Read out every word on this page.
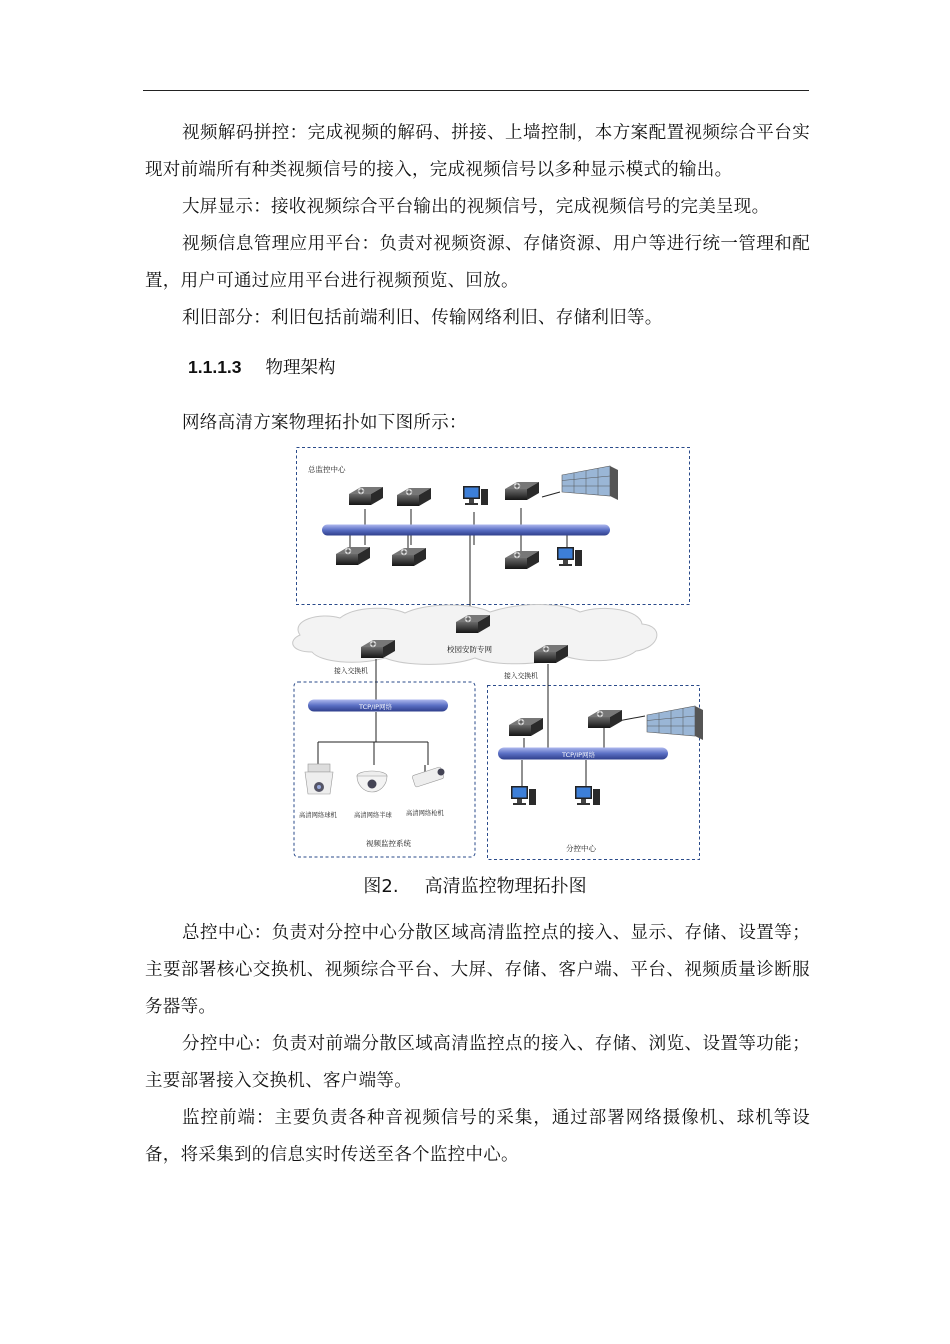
视频解码拼控：完成视频的解码、拼接、上墙控制，本方案配置视频综合平台实现对前端所有种类视频信号的接入，完成视频信号以多种显示模式的输出。

大屏显示：接收视频综合平台输出的视频信号，完成视频信号的完美呈现。

视频信息管理应用平台：负责对视频资源、存储资源、用户等进行统一管理和配置，用户可通过应用平台进行视频预览、回放。

利旧部分：利旧包括前端利旧、传输网络利旧、存储利旧等。

1.1.1.3 物理架构

网络高清方案物理拓扑如下图所示：

总监控中心
校园安防专网
接入交换机
接入交换机
TCP/IP网络
高清网络球机	高清网络半球 高清网络枪机
视频监控系统
TCP/IP网络
分控中心
图2. 高清监控物理拓扑图

总控中心：负责对分控中心分散区域高清监控点的接入、显示、存储、设置等；主要部署核心交换机、视频综合平台、大屏、存储、客户端、平台、视频质量诊断服务器等。

分控中心：负责对前端分散区域高清监控点的接入、存储、浏览、设置等功能；主要部署接入交换机、客户端等。

监控前端：主要负责各种音视频信号的采集，通过部署网络摄像机、球机等设备，将采集到的信息实时传送至各个监控中心。
